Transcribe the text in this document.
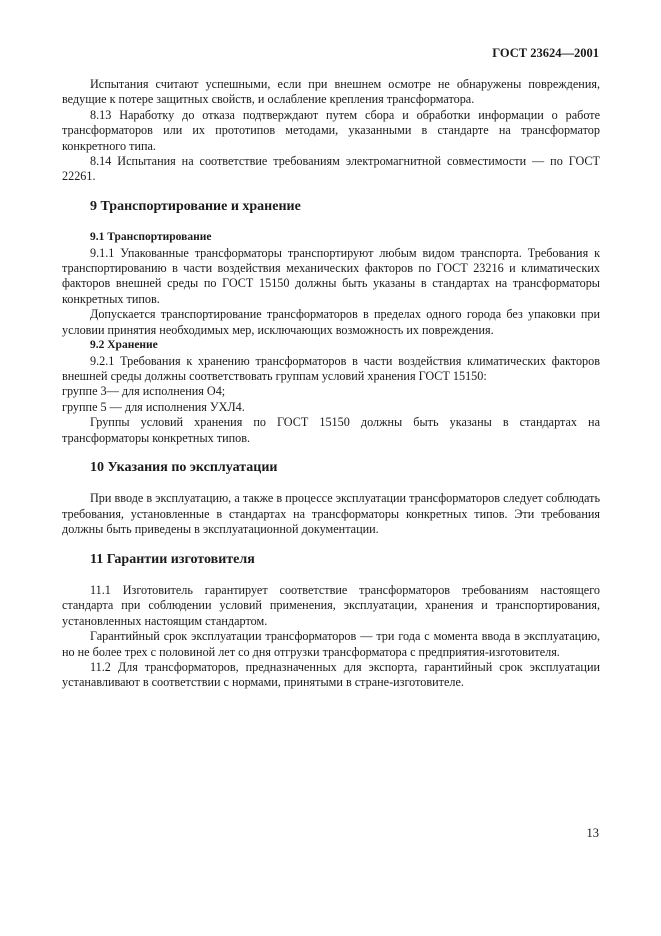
ГОСТ 23624—2001

Испытания считают успешными, если при внешнем осмотре не обнаружены повреждения, ведущие к потере защитных свойств, и ослабление крепления трансформатора.

8.13 Наработку до отказа подтверждают путем сбора и обработки информации о работе трансформаторов или их прототипов методами, указанными в стандарте на трансформатор конкретного типа.

8.14 Испытания на соответствие требованиям электромагнитной совместимости — по ГОСТ 22261.

9 Транспортирование и хранение
9.1 Транспортирование

9.1.1 Упакованные трансформаторы транспортируют любым видом транспорта. Требования к транспортированию в части воздействия механических факторов по ГОСТ 23216 и климатических факторов внешней среды по ГОСТ 15150 должны быть указаны в стандартах на трансформаторы конкретных типов.

Допускается транспортирование трансформаторов в пределах одного города без упаковки при условии принятия необходимых мер, исключающих возможность их повреждения.

9.2 Хранение

9.2.1 Требования к хранению трансформаторов в части воздействия климатических факторов внешней среды должны соответствовать группам условий хранения ГОСТ 15150:

группе 3— для исполнения О4;

группе 5 — для исполнения УХЛ4.

Группы условий хранения по ГОСТ 15150 должны быть указаны в стандартах на трансформаторы конкретных типов.

10 Указания по эксплуатации

При вводе в эксплуатацию, а также в процессе эксплуатации трансформаторов следует соблюдать требования, установленные в стандартах на трансформаторы конкретных типов. Эти требования должны быть приведены в эксплуатационной документации.

11 Гарантии изготовителя

11.1 Изготовитель гарантирует соответствие трансформаторов требованиям настоящего стандарта при соблюдении условий применения, эксплуатации, хранения и транспортирования, установленных настоящим стандартом.

Гарантийный срок эксплуатации трансформаторов — три года с момента ввода в эксплуатацию, но не более трех с половиной лет со дня отгрузки трансформатора с предприятия-изготовителя.

11.2 Для трансформаторов, предназначенных для экспорта, гарантийный срок эксплуатации устанавливают в соответствии с нормами, принятыми в стране-изготовителе.

13
